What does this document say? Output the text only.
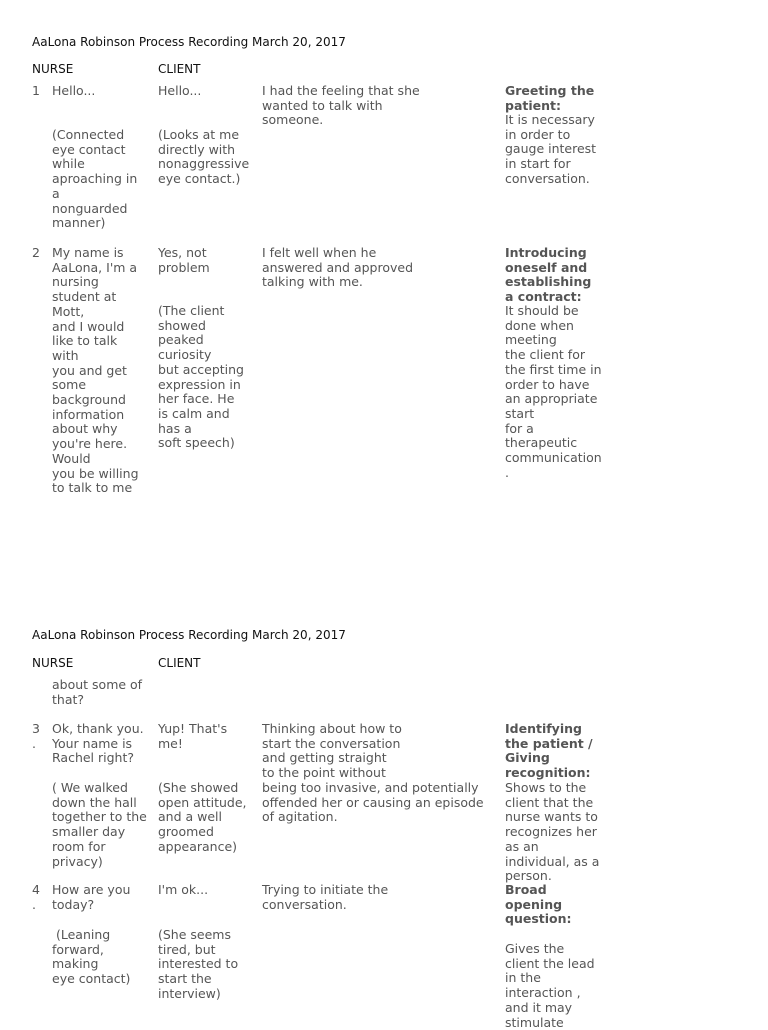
AaLona Robinson Process Recording March 20, 2017
NURSE	CLIENT
1 Hello...
(Connected
eye contact
while
aproaching in
a
nonguarded
manner)
Hello...
(Looks at me
directly with
nonaggressive
eye contact.)
I had the feeling that she
wanted to talk with
someone.
Greeting the
patient:
It is necessary
in order to
gauge interest
in start for
conversation.
2 My name is
AaLona, I'm a
nursing
student at
Mott,
and I would
like to talk
with
you and get
some
background
information
about why
you're here.
Would
you be willing
to talk to me
Yes, not
problem
(The client
showed
peaked
curiosity
but accepting
expression in
her face. He
is calm and
has a
soft speech)
I felt well when he
answered and approved
talking with me.
Introducing
oneself and
establishing
a contract:
It should be
done when
meeting
the client for
the first time in
order to have
an appropriate
start
for a
therapeutic
communication
.
AaLona Robinson Process Recording March 20, 2017
NURSE	CLIENT
about some of
that?
3
.
Ok, thank you.
Your name is
Rachel right?
( We walked
down the hall
together to the
smaller day
room for
privacy)
Yup! That's
me!
(She showed
open attitude,
and a well
groomed
appearance)
Thinking about how to
start the conversation
and getting straight
to the point without
being too invasive, and potentially
offended her or causing an episode
of agitation.
Identifying
the patient /
Giving
recognition:
Shows to the
client that the
nurse wants to
recognizes her
as an
individual, as a
person.
4
.
How are you
today?
(Leaning
forward,
making
eye contact)
I'm ok...
(She seems
tired, but
interested to
start the
interview)
Trying to initiate the
conversation.
Broad
opening
question:
Gives the
client the lead
in the
interaction ,
and it may
stimulate
